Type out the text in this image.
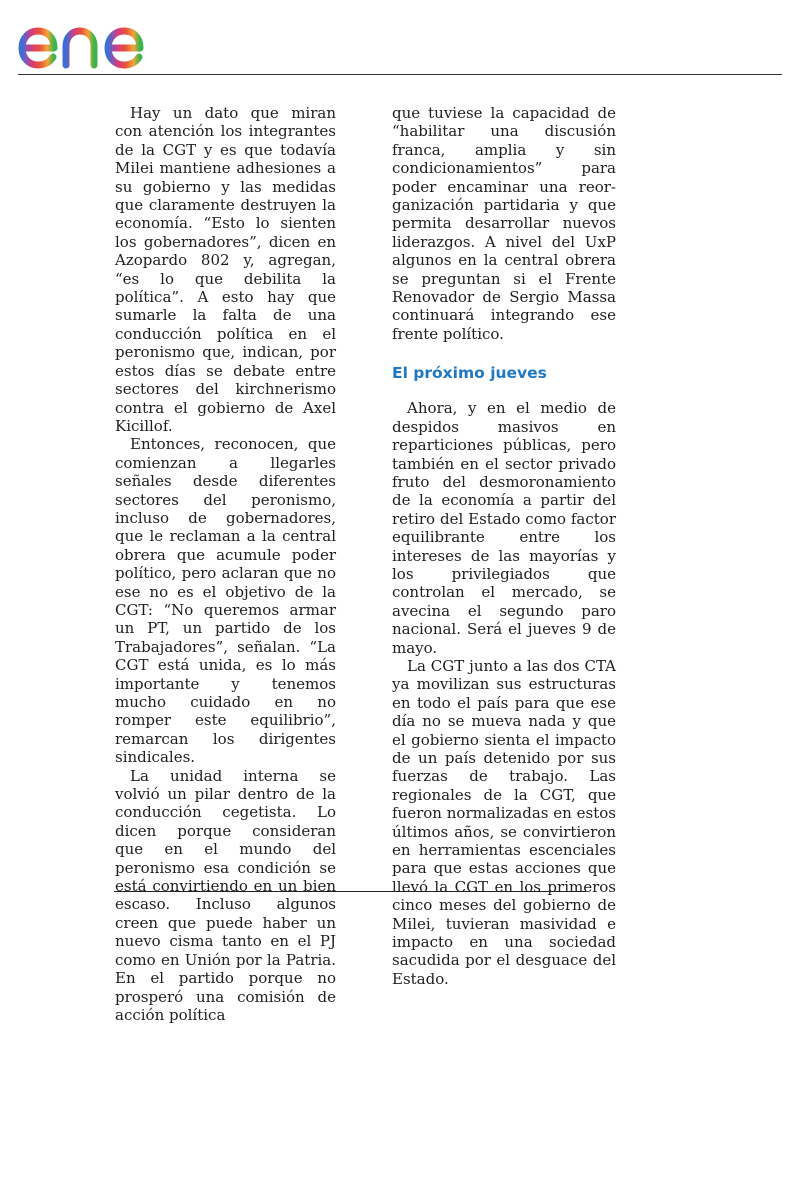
Hay un dato que miran con atención los integrantes de la CGT y es que todavía Milei mantiene adhesiones a su gobierno y las medidas que claramente destruyen la economía. “Esto lo sienten los gobernadores”, dicen en Azopardo 802 y, agregan, “es lo que debilita la política”. A esto hay que sumarle la falta de una conducción política en el peronismo que, indican, por estos días se debate entre sectores del kirchnerismo contra el gobierno de Axel Kicillof.

Entonces, reconocen, que comienzan a llegarles señales desde diferentes sectores del peronismo, incluso de gobernadores, que le reclaman a la central obrera que acumule poder político, pero aclaran que no ese no es el objetivo de la CGT: “No queremos armar un PT, un partido de los Trabajadores”, señalan. “La CGT está unida, es lo más importante y tenemos mucho cuidado en no romper este equilibrio”, remarcan los dirigentes sindicales.

La unidad interna se volvió un pilar dentro de la conducción cegetista. Lo dicen porque consideran que en el mundo del peronismo esa condición se está convirtiendo en un bien escaso. Incluso algunos creen que puede haber un nuevo cisma tanto en el PJ como en Unión por la Patria. En el partido porque no prosperó una comisión de acción política

que tuviese la capacidad de “habilitar una discusión franca, amplia y sin condicionamientos” para poder encaminar una reorganización partidaria y que permita desarrollar nuevos liderazgos. A nivel del UxP algunos en la central obrera se preguntan si el Frente Renovador de Sergio Massa continuará integrando ese frente político.

El próximo jueves

Ahora, y en el medio de despidos masivos en reparticiones públicas, pero también en el sector privado fruto del desmoronamiento de la economía a partir del retiro del Estado como factor equilibrante entre los intereses de las mayorías y los privilegiados que controlan el mercado, se avecina el segundo paro nacional. Será el jueves 9 de mayo.

La CGT junto a las dos CTA ya movilizan sus estructuras en todo el país para que ese día no se mueva nada y que el gobierno sienta el impacto de un país detenido por sus fuerzas de trabajo. Las regionales de la CGT, que fueron normalizadas en estos últimos años, se convirtieron en herramientas escenciales para que estas acciones que llevó la CGT en los primeros cinco meses del gobierno de Milei, tuvieran masividad e impacto en una sociedad sacudida por el desguace del Estado.
